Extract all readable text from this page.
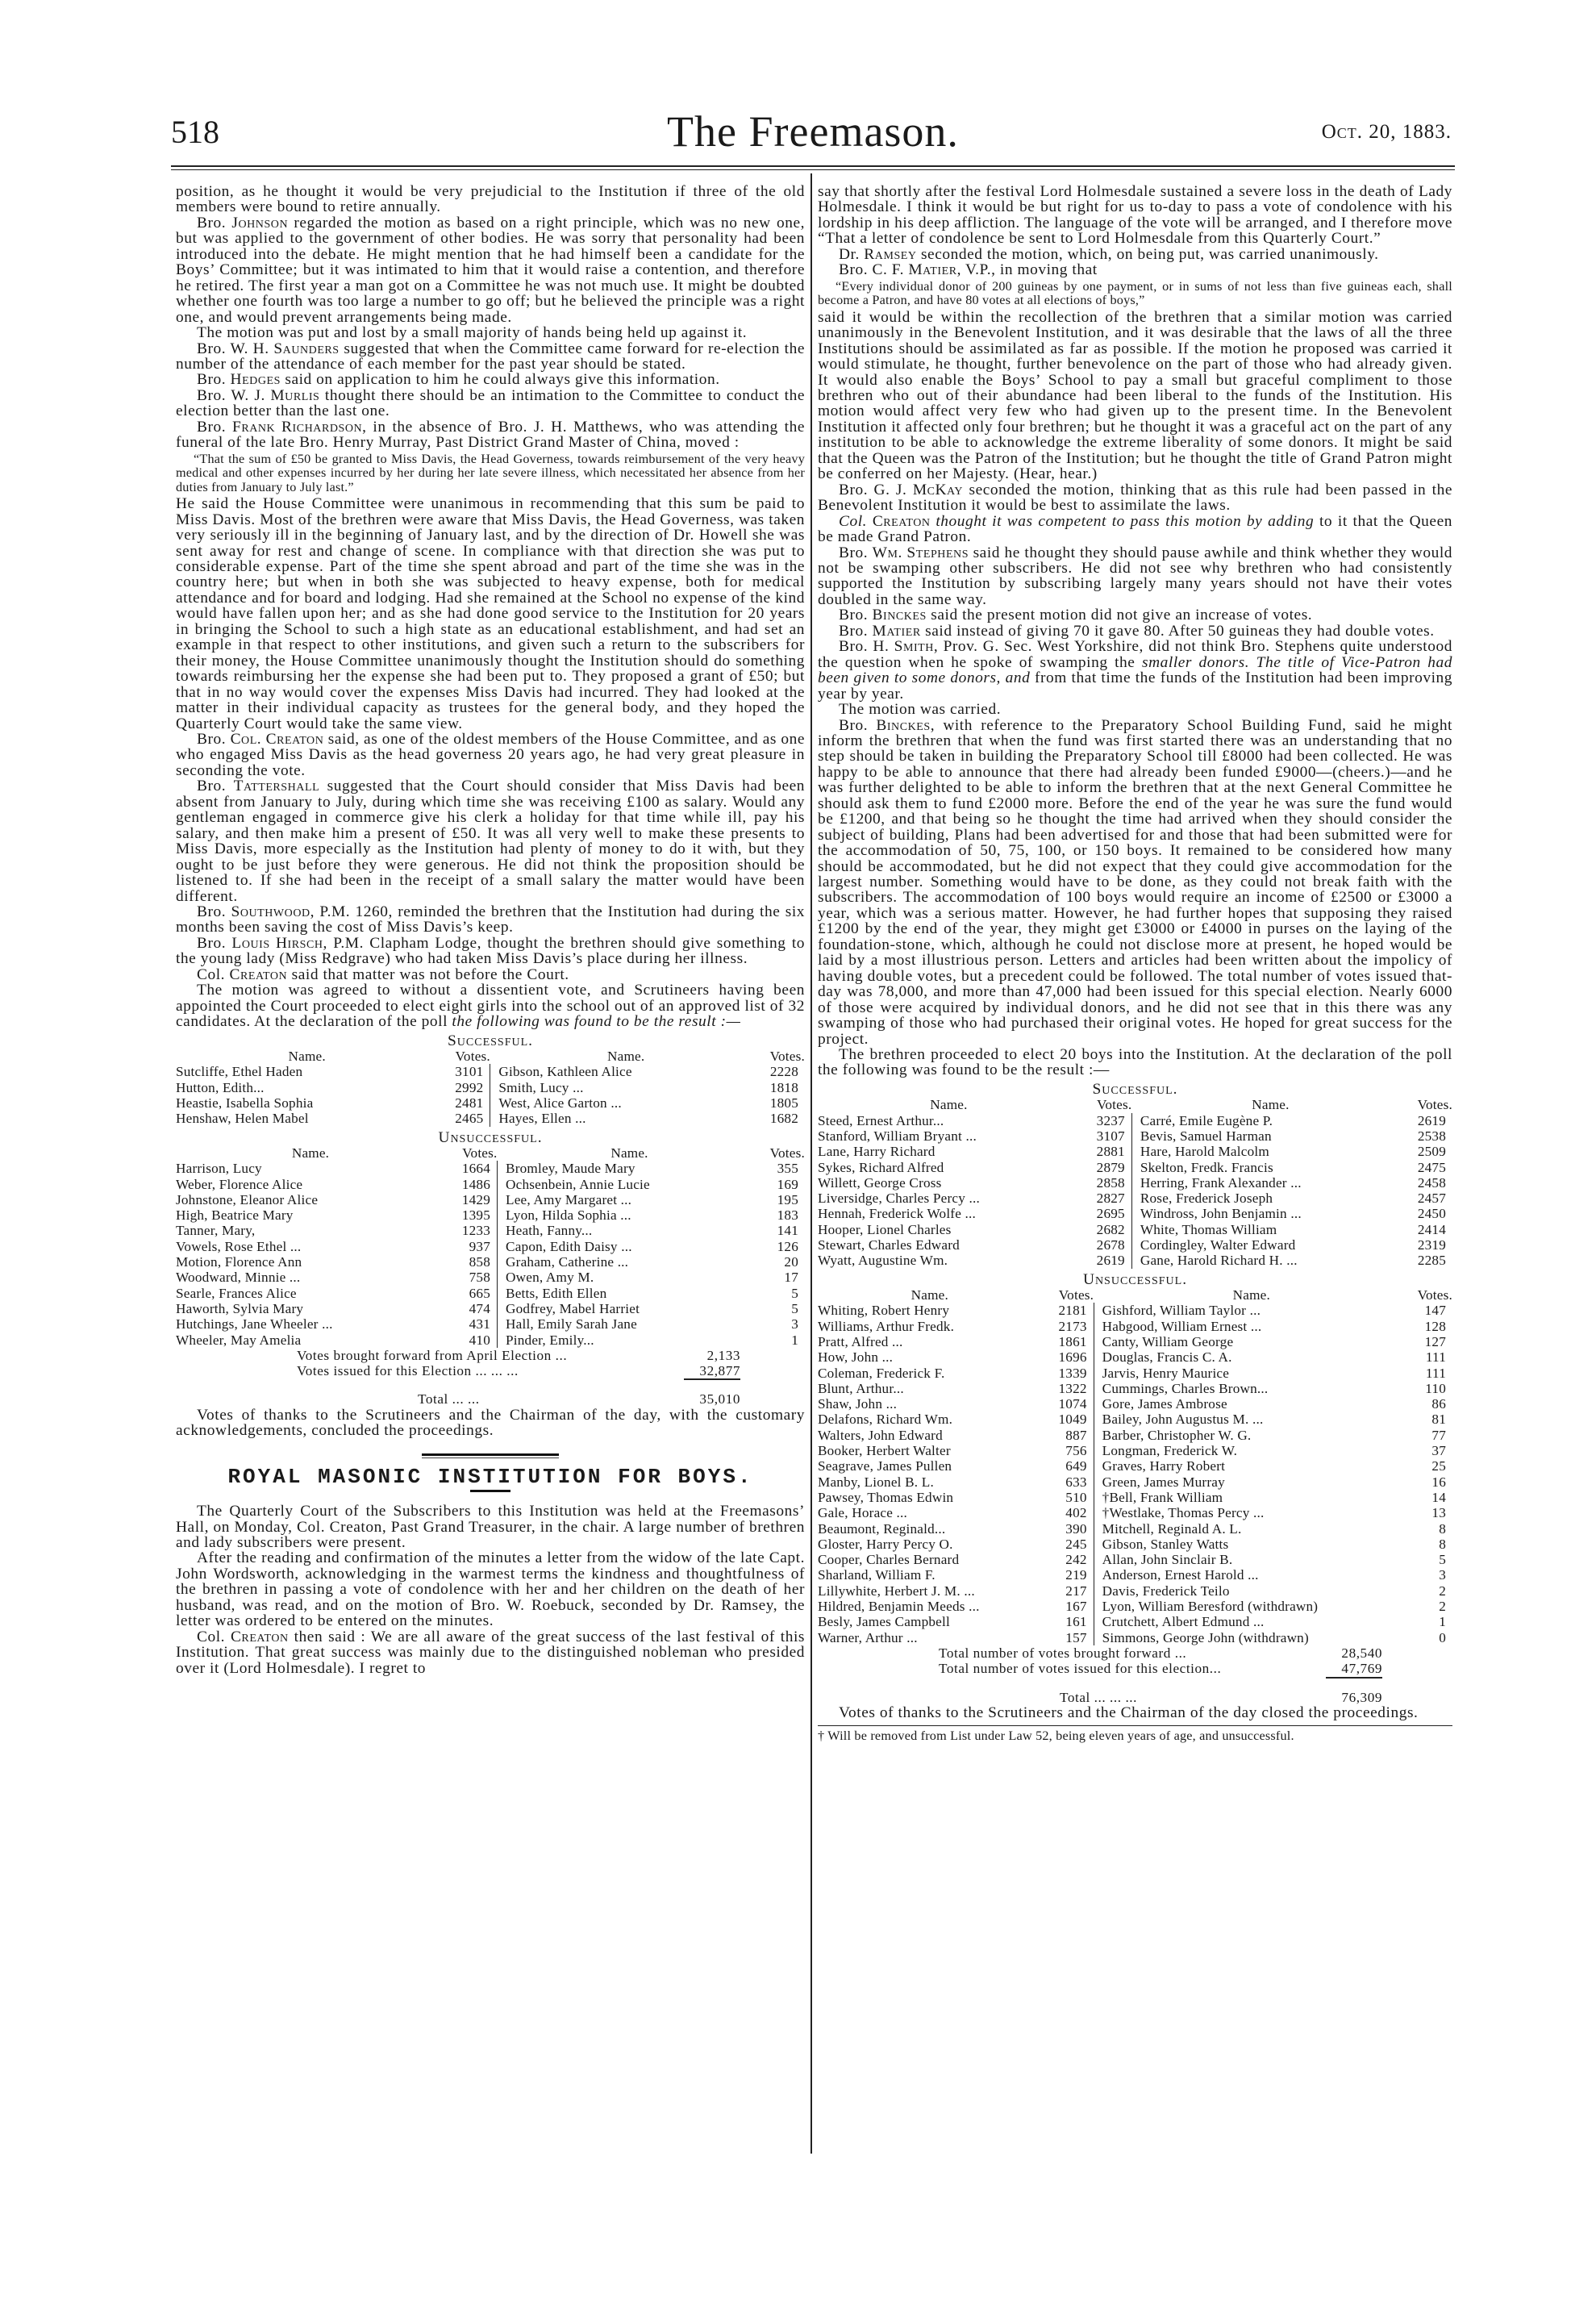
518	The Freemason.	Oct. 20, 1883.

position, as he thought it would be very prejudicial to the Institution if three of the old members were bound to retire annually.

Bro. Johnson regarded the motion as based on a right principle, which was no new one, but was applied to the government of other bodies. He was sorry that personality had been introduced into the debate. He might mention that he had himself been a candidate for the Boys’ Committee; but it was intimated to him that it would raise a contention, and therefore he retired. The first year a man got on a Committee he was not much use. It might be doubted whether one fourth was too large a number to go off; but he believed the principle was a right one, and would prevent arrangements being made.

The motion was put and lost by a small majority of hands being held up against it.

Bro. W. H. Saunders suggested that when the Committee came forward for re-election the number of the attendance of each member for the past year should be stated.

Bro. Hedges said on application to him he could always give this information.

Bro. W. J. Murlis thought there should be an intimation to the Committee to conduct the election better than the last one.

Bro. Frank Richardson, in the absence of Bro. J. H. Matthews, who was attending the funeral of the late Bro. Henry Murray, Past District Grand Master of China, moved :

“That the sum of £50 be granted to Miss Davis, the Head Governess, towards reimbursement of the very heavy medical and other expenses incurred by her during her late severe illness, which necessitated her absence from her duties from January to July last.”

He said the House Committee were unanimous in recommending that this sum be paid to Miss Davis. Most of the brethren were aware that Miss Davis, the Head Governess, was taken very seriously ill in the beginning of January last, and by the direction of Dr. Howell she was sent away for rest and change of scene. In compliance with that direction she was put to considerable expense. Part of the time she spent abroad and part of the time she was in the country here; but when in both she was subjected to heavy expense, both for medical attendance and for board and lodging. Had she remained at the School no expense of the kind would have fallen upon her; and as she had done good service to the Institution for 20 years in bringing the School to such a high state as an educational establishment, and had set an example in that respect to other institutions, and given such a return to the subscribers for their money, the House Committee unanimously thought the Institution should do something towards reimbursing her the expense she had been put to. They proposed a grant of £50; but that in no way would cover the expenses Miss Davis had incurred. They had looked at the matter in their individual capacity as trustees for the general body, and they hoped the Quarterly Court would take the same view.

Bro. Col. Creaton said, as one of the oldest members of the House Committee, and as one who engaged Miss Davis as the head governess 20 years ago, he had very great pleasure in seconding the vote.

Bro. Tattershall suggested that the Court should consider that Miss Davis had been absent from January to July, during which time she was receiving £100 as salary. Would any gentleman engaged in commerce give his clerk a holiday for that time while ill, pay his salary, and then make him a present of £50. It was all very well to make these presents to Miss Davis, more especially as the Institution had plenty of money to do it with, but they ought to be just before they were generous. He did not think the proposition should be listened to. If she had been in the receipt of a small salary the matter would have been different.

Bro. Southwood, P.M. 1260, reminded the brethren that the Institution had during the six months been saving the cost of Miss Davis’s keep.

Bro. Louis Hirsch, P.M. Clapham Lodge, thought the brethren should give something to the young lady (Miss Redgrave) who had taken Miss Davis’s place during her illness.

Col. Creaton said that matter was not before the Court.

The motion was agreed to without a dissentient vote, and Scrutineers having been appointed the Court proceeded to elect eight girls into the school out of an approved list of 32 candidates. At the declaration of the poll the following was found to be the result :—

Successful.
Name.	Votes.		Name.	Votes.
Sutcliffe, Ethel Haden	3101		Gibson, Kathleen Alice	2228
Hutton, Edith...	2992		Smith, Lucy ...	1818
Heastie, Isabella Sophia	2481		West, Alice Garton ...	1805
Henshaw, Helen Mabel	2465		Hayes, Ellen ...	1682
Unsuccessful.
Name.	Votes.		Name.	Votes.
Harrison, Lucy	1664		Bromley, Maude Mary	355
Weber, Florence Alice	1486		Ochsenbein, Annie Lucie	169
Johnstone, Eleanor Alice	1429		Lee, Amy Margaret ...	195
High, Beatrice Mary	1395		Lyon, Hilda Sophia ...	183
Tanner, Mary,	1233		Heath, Fanny...	141
Vowels, Rose Ethel ...	937		Capon, Edith Daisy ...	126
Motion, Florence Ann	858		Graham, Catherine ...	20
Woodward, Minnie ...	758		Owen, Amy M.	17
Searle, Frances Alice	665		Betts, Edith Ellen	5
Haworth, Sylvia Mary	474		Godfrey, Mabel Harriet	5
Hutchings, Jane Wheeler ...	431		Hall, Emily Sarah Jane	3
Wheeler, May Amelia	410		Pinder, Emily...	1
Votes brought forward from April Election ...	2,133
Votes issued for this Election ... ... ...	32,877
Total ... ...	35,010

Votes of thanks to the Scrutineers and the Chairman of the day, with the customary acknowledgements, concluded the proceedings.

ROYAL MASONIC INSTITUTION FOR BOYS.

The Quarterly Court of the Subscribers to this Institution was held at the Freemasons’ Hall, on Monday, Col. Creaton, Past Grand Treasurer, in the chair. A large number of brethren and lady subscribers were present.

After the reading and confirmation of the minutes a letter from the widow of the late Capt. John Wordsworth, acknowledging in the warmest terms the kindness and thoughtfulness of the brethren in passing a vote of condolence with her and her children on the death of her husband, was read, and on the motion of Bro. W. Roebuck, seconded by Dr. Ramsey, the letter was ordered to be entered on the minutes.

Col. Creaton then said : We are all aware of the great success of the last festival of this Institution. That great success was mainly due to the distinguished nobleman who presided over it (Lord Holmesdale). I regret to

say that shortly after the festival Lord Holmesdale sustained a severe loss in the death of Lady Holmesdale. I think it would be but right for us to-day to pass a vote of condolence with his lordship in his deep affliction. The language of the vote will be arranged, and I therefore move “That a letter of condolence be sent to Lord Holmesdale from this Quarterly Court.”

Dr. Ramsey seconded the motion, which, on being put, was carried unanimously.

Bro. C. F. Matier, V.P., in moving that

“Every individual donor of 200 guineas by one payment, or in sums of not less than five guineas each, shall become a Patron, and have 80 votes at all elections of boys,”

said it would be within the recollection of the brethren that a similar motion was carried unanimously in the Benevolent Institution, and it was desirable that the laws of all the three Institutions should be assimilated as far as possible. If the motion he proposed was carried it would stimulate, he thought, further benevolence on the part of those who had already given. It would also enable the Boys’ School to pay a small but graceful compliment to those brethren who out of their abundance had been liberal to the funds of the Institution. His motion would affect very few who had given up to the present time. In the Benevolent Institution it affected only four brethren; but he thought it was a graceful act on the part of any institution to be able to acknowledge the extreme liberality of some donors. It might be said that the Queen was the Patron of the Institution; but he thought the title of Grand Patron might be conferred on her Majesty. (Hear, hear.)

Bro. G. J. McKay seconded the motion, thinking that as this rule had been passed in the Benevolent Institution it would be best to assimilate the laws.

Col. Creaton thought it was competent to pass this motion by adding to it that the Queen be made Grand Patron.

Bro. Wm. Stephens said he thought they should pause awhile and think whether they would not be swamping other subscribers. He did not see why brethren who had consistently supported the Institution by subscribing largely many years should not have their votes doubled in the same way.

Bro. Binckes said the present motion did not give an increase of votes.

Bro. Matier said instead of giving 70 it gave 80. After 50 guineas they had double votes.

Bro. H. Smith, Prov. G. Sec. West Yorkshire, did not think Bro. Stephens quite understood the question when he spoke of swamping the smaller donors. The title of Vice-Patron had been given to some donors, and from that time the funds of the Institution had been improving year by year.

The motion was carried.

Bro. Binckes, with reference to the Preparatory School Building Fund, said he might inform the brethren that when the fund was first started there was an understanding that no step should be taken in building the Preparatory School till £8000 had been collected. He was happy to be able to announce that there had already been funded £9000—(cheers.)—and he was further delighted to be able to inform the brethren that at the next General Committee he should ask them to fund £2000 more. Before the end of the year he was sure the fund would be £1200, and that being so he thought the time had arrived when they should consider the subject of building, Plans had been advertised for and those that had been submitted were for the accommodation of 50, 75, 100, or 150 boys. It remained to be considered how many should be accommodated, but he did not expect that they could give accommodation for the largest number. Something would have to be done, as they could not break faith with the subscribers. The accommodation of 100 boys would require an income of £2500 or £3000 a year, which was a serious matter. However, he had further hopes that supposing they raised £1200 by the end of the year, they might get £3000 or £4000 in purses on the laying of the foundation-stone, which, although he could not disclose more at present, he hoped would be laid by a most illustrious person. Letters and articles had been written about the impolicy of having double votes, but a precedent could be followed. The total number of votes issued that-day was 78,000, and more than 47,000 had been issued for this special election. Nearly 6000 of those were acquired by individual donors, and he did not see that in this there was any swamping of those who had purchased their original votes. He hoped for great success for the project.

The brethren proceeded to elect 20 boys into the Institution. At the declaration of the poll the following was found to be the result :—

Successful.
Name.	Votes.		Name.	Votes.
Steed, Ernest Arthur...	3237		Carré, Emile Eugène P.	2619
Stanford, William Bryant ...	3107		Bevis, Samuel Harman	2538
Lane, Harry Richard	2881		Hare, Harold Malcolm	2509
Sykes, Richard Alfred	2879		Skelton, Fredk. Francis	2475
Willett, George Cross	2858		Herring, Frank Alexander ...	2458
Liversidge, Charles Percy ...	2827		Rose, Frederick Joseph	2457
Hennah, Frederick Wolfe ...	2695		Windross, John Benjamin ...	2450
Hooper, Lionel Charles	2682		White, Thomas William	2414
Stewart, Charles Edward	2678		Cordingley, Walter Edward	2319
Wyatt, Augustine Wm.	2619		Gane, Harold Richard H. ...	2285
Unsuccessful.
Name.	Votes.		Name.	Votes.
Whiting, Robert Henry	2181		Gishford, William Taylor ...	147
Williams, Arthur Fredk.	2173		Habgood, William Ernest ...	128
Pratt, Alfred ...	1861		Canty, William George	127
How, John ...	1696		Douglas, Francis C. A.	111
Coleman, Frederick F.	1339		Jarvis, Henry Maurice	111
Blunt, Arthur...	1322		Cummings, Charles Brown...	110
Shaw, John ...	1074		Gore, James Ambrose	86
Delafons, Richard Wm.	1049		Bailey, John Augustus M. ...	81
Walters, John Edward	887		Barber, Christopher W. G.	77
Booker, Herbert Walter	756		Longman, Frederick W.	37
Seagrave, James Pullen	649		Graves, Harry Robert	25
Manby, Lionel B. L.	633		Green, James Murray	16
Pawsey, Thomas Edwin	510		†Bell, Frank William	14
Gale, Horace ...	402		†Westlake, Thomas Percy ...	13
Beaumont, Reginald...	390		Mitchell, Reginald A. L.	8
Gloster, Harry Percy O.	245		Gibson, Stanley Watts	8
Cooper, Charles Bernard	242		Allan, John Sinclair B.	5
Sharland, William F.	219		Anderson, Ernest Harold ...	3
Lillywhite, Herbert J. M. ...	217		Davis, Frederick Teilo	2
Hildred, Benjamin Meeds ...	167		Lyon, William Beresford (withdrawn)	2
Besly, James Campbell	161		Crutchett, Albert Edmund ...	1
Warner, Arthur ...	157		Simmons, George John (withdrawn)	0
Total number of votes brought forward ...	28,540
Total number of votes issued for this election...	47,769
Total ... ... ...	76,309

Votes of thanks to the Scrutineers and the Chairman of the day closed the proceedings.

† Will be removed from List under Law 52, being eleven years of age, and unsuccessful.
